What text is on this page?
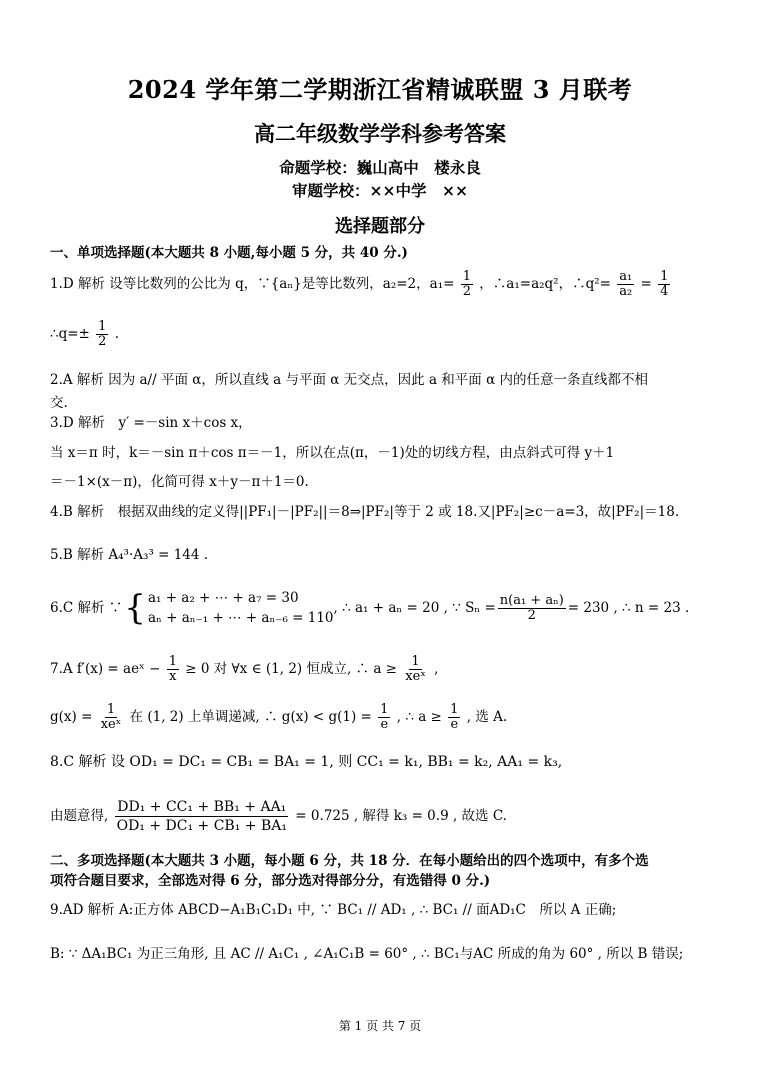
2024 学年第二学期浙江省精诚联盟 3 月联考
高二年级数学学科参考答案
命题学校：巍山高中　楼永良
审题学校：××中学　××
选择题部分
一、单项选择题(本大题共 8 小题,每小题 5 分，共 40 分.)
1.D 解析 设等比数列的公比为 q，∵{aₙ}是等比数列，a₂=2，$a_1= \frac{1}{2}$ ，∴a₁=a₂q²，∴q²= $\frac{\text{a₁}}{\text{a₂}} = \frac{1}{4}$
∴q=± $\frac{1}{2}$ .
2.A 解析 因为 a// 平面 α，所以直线 a 与平面 α 无交点，因此 a 和平面 α 内的任意一条直线都不相
交.
3.D 解析　y′ =－sin x＋cos x，
当 x＝π 时，k＝－sin π＋cos π＝－1，所以在点(π，－1)处的切线方程，由点斜式可得 y＋1
＝－1×(x－π)，化简可得 x＋y－π＋1＝0.
4.B 解析　根据双曲线的定义得||PF₁|－|PF₂||＝8⇒|PF₂|等于 2 或 18.又|PF₂|≥c－a=3，故|PF₂|＝18.
5.B 解析 A₄³·A₃³ = 144 .
6.C 解析 ∵ { a₁ + a₂ + ⋯ + a₇ = 30
aₙ + aₙ₋₁ + ⋯ + aₙ₋₆ = 110
, ∴ a₁ + aₙ = 20 , ∵ $S_n = \frac{\text{n(a₁ + aₙ)}}{2} = 230$ , ∴ n = 23 .
7.A f′(x) = aeˣ − $\frac{1}{x} \ge 0$ 对 ∀x ∈ (1, 2) 恒成立, ∴ $a \ge \frac{1}{\text{xeˣ}}$ ,
$g(x) = \frac{1}{\text{xeˣ}}$ 在 (1, 2) 上单调递减, ∴ $g(x) < g(1) = \frac{1}{e}$ , ∴ $a \ge \frac{1}{e}$ , 选 A.
8.C 解析 设 OD₁ = DC₁ = CB₁ = BA₁ = 1, 则 CC₁ = k₁, BB₁ = k₂, AA₁ = k₃,
由题意得, $\frac{\text{DD₁ + CC₁ + BB₁ + AA₁}}{\text{OD₁ + DC₁ + CB₁ + BA₁}} = 0.725$ , 解得 k₃ = 0.9 , 故选 C.
二、多项选择题(本大题共 3 小题，每小题 6 分，共 18 分．在每小题给出的四个选项中，有多个选
项符合题目要求，全部选对得 6 分，部分选对得部分分，有选错得 0 分.)
9.AD 解析 A:正方体 ABCD−A₁B₁C₁D₁ 中, ∵ BC₁ // AD₁ , ∴ BC₁ // 面AD₁C　所以 A 正确;
B: ∵ ΔA₁BC₁ 为正三角形, 且 AC // A₁C₁ , ∠A₁C₁B = 60° , ∴ BC₁与AC 所成的角为 60° , 所以 B 错误;
第 1 页 共 7 页
